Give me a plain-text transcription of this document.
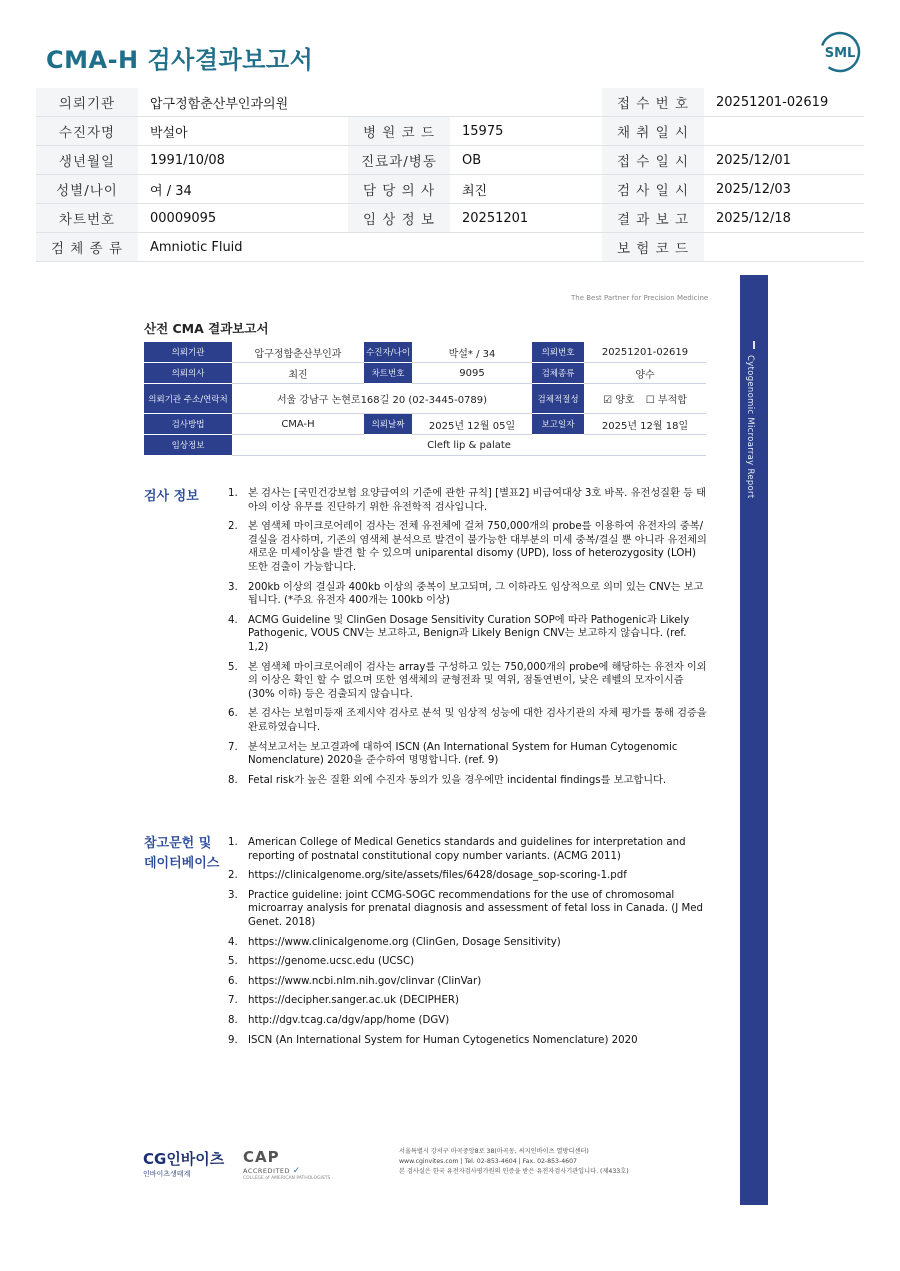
CMA-H 검사결과보고서	SML
의뢰기관	압구정함춘산부인과의원			접 수 번 호	20251201-02619
수진자명	박설아	병 원 코 드	15975	채 취 일 시	
생년월일	1991/10/08	진료과/병동	OB	접 수 일 시	2025/12/01
성별/나이	여 / 34	담 당 의 사	최진	검 사 일 시	2025/12/03
차트번호	00009095	임 상 정 보	20251201	결 과 보 고	2025/12/18
검 체 종 류	Amniotic Fluid			보 험 코 드	
Cytogenomic Microarray Report
The Best Partner for Precision Medicine
산전 CMA 결과보고서
의뢰기관	압구정함춘산부인과	수진자/나이	박설* / 34	의뢰번호	20251201-02619
의뢰의사	최진	차트번호	9095	검체종류	양수
의뢰기관 주소/연락처	서울 강남구 논현로168길 20 (02-3445-0789)			검체적절성	☑ 양호 ☐ 부적합
검사방법	CMA-H	의뢰날짜	2025년 12월 05일	보고일자	2025년 12월 18일
임상정보	Cleft lip & palate				
검사 정보	1. 본 검사는 [국민건강보험 요양급여의 기준에 관한 규칙] [별표2] 비급여대상 3호 바목. 유전성질환 등 태아의 이상 유무를 진단하기 위한 유전학적 검사입니다.
2. 본 염색체 마이크로어레이 검사는 전체 유전체에 걸쳐 750,000개의 probe를 이용하여 유전자의 중복/결실을 검사하며, 기존의 염색체 분석으로 발견이 불가능한 대부분의 미세 중복/결실 뿐 아니라 유전체의 새로운 미세이상을 발견 할 수 있으며 uniparental disomy (UPD), loss of heterozygosity (LOH) 또한 검출이 가능합니다.
3. 200kb 이상의 결실과 400kb 이상의 중복이 보고되며, 그 이하라도 임상적으로 의미 있는 CNV는 보고됩니다. (*주요 유전자 400개는 100kb 이상)
4. ACMG Guideline 및 ClinGen Dosage Sensitivity Curation SOP에 따라 Pathogenic과 Likely Pathogenic, VOUS CNV는 보고하고, Benign과 Likely Benign CNV는 보고하지 않습니다. (ref. 1,2)
5. 본 염색체 마이크로어레이 검사는 array를 구성하고 있는 750,000개의 probe에 해당하는 유전자 이외의 이상은 확인 할 수 없으며 또한 염색체의 균형전좌 및 역위, 점돌연변이, 낮은 레벨의 모자이시즘 (30% 이하) 등은 검출되지 않습니다.
6. 본 검사는 보험미등재 조제시약 검사로 분석 및 임상적 성능에 대한 검사기관의 자체 평가를 통해 검증을 완료하였습니다.
7. 분석보고서는 보고결과에 대하여 ISCN (An International System for Human Cytogenomic Nomenclature) 2020을 준수하여 명명합니다. (ref. 9)
8. Fetal risk가 높은 질환 외에 수진자 동의가 있을 경우에만 incidental findings를 보고합니다.
참고문헌 및
데이터베이스
1. American College of Medical Genetics standards and guidelines for interpretation and reporting of postnatal constitutional copy number variants. (ACMG 2011)
2. https://clinicalgenome.org/site/assets/files/6428/dosage_sop-scoring-1.pdf
3. Practice guideline: joint CCMG-SOGC recommendations for the use of chromosomal microarray analysis for prenatal diagnosis and assessment of fetal loss in Canada. (J Med Genet. 2018)
4. https://www.clinicalgenome.org (ClinGen, Dosage Sensitivity)
5. https://genome.ucsc.edu (UCSC)
6. https://www.ncbi.nlm.nih.gov/clinvar (ClinVar)
7. https://decipher.sanger.ac.uk (DECIPHER)
8. http://dgv.tcag.ca/dgv/app/home (DGV)
9. ISCN (An International System for Human Cytogenetics Nomenclature) 2020
CG인바이츠
인바이츠생태계
CAP
ACCREDITED ✓
COLLEGE of AMERICAN PATHOLOGISTS
서울특별시 강서구 마곡중앙8로 38(마곡동, 씨지인바이츠 열방디센터)
www.cginvites.com | Tel. 02-853-4604 | Fax. 02-853-4607
본 검사실은 한국 유전자검사평가원의 인증을 받은 유전자검사기관입니다. (제433호)
